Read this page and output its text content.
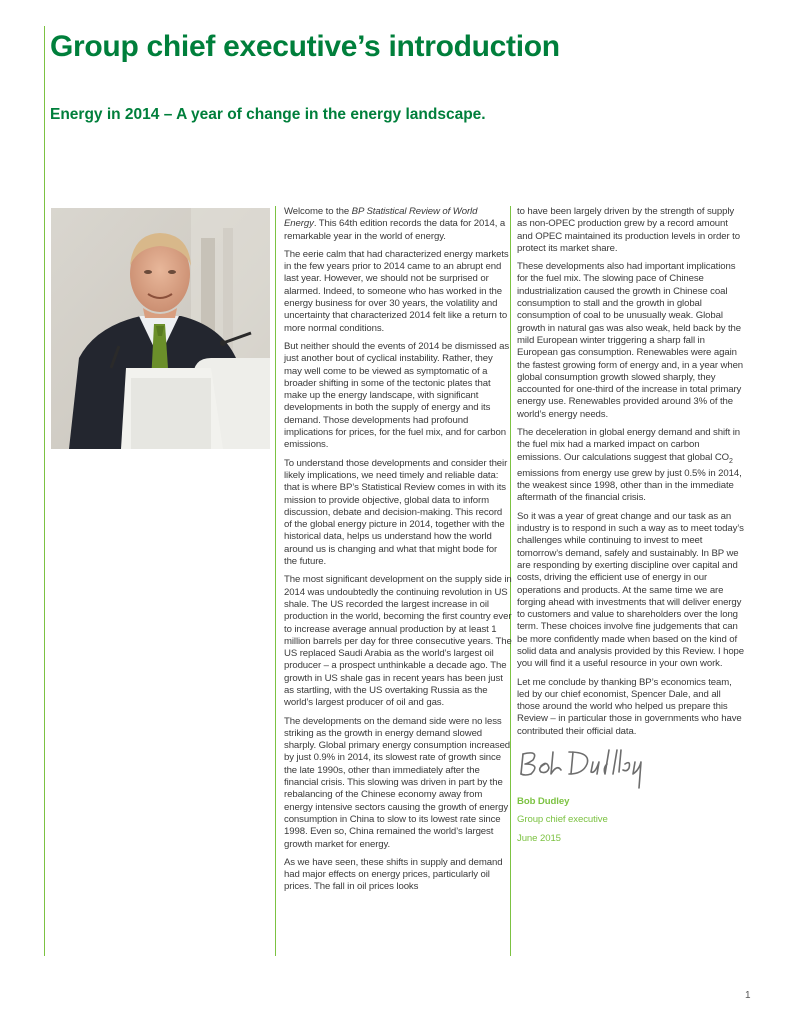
Group chief executive’s introduction
Energy in 2014 – A year of change in the energy landscape.

Welcome to the BP Statistical Review of World Energy. This 64th edition records the data for 2014, a remarkable year in the world of energy.

The eerie calm that had characterized energy markets in the few years prior to 2014 came to an abrupt end last year. However, we should not be surprised or alarmed. Indeed, to someone who has worked in the energy business for over 30 years, the volatility and uncertainty that characterized 2014 felt like a return to more normal conditions.

But neither should the events of 2014 be dismissed as just another bout of cyclical instability. Rather, they may well come to be viewed as symptomatic of a broader shifting in some of the tectonic plates that make up the energy landscape, with significant developments in both the supply of energy and its demand. Those developments had profound implications for prices, for the fuel mix, and for carbon emissions.

To understand those developments and consider their likely implications, we need timely and reliable data: that is where BP’s Statistical Review comes in with its mission to provide objective, global data to inform discussion, debate and decision-making. This record of the global energy picture in 2014, together with the historical data, helps us understand how the world around us is changing and what that might bode for the future.

The most significant development on the supply side in 2014 was undoubtedly the continuing revolution in US shale. The US recorded the largest increase in oil production in the world, becoming the first country ever to increase average annual production by at least 1 million barrels per day for three consecutive years. The US replaced Saudi Arabia as the world’s largest oil producer – a prospect unthinkable a decade ago. The growth in US shale gas in recent years has been just as startling, with the US overtaking Russia as the world’s largest producer of oil and gas.

The developments on the demand side were no less striking as the growth in energy demand slowed sharply. Global primary energy consumption increased by just 0.9% in 2014, its slowest rate of growth since the late 1990s, other than immediately after the financial crisis. This slowing was driven in part by the rebalancing of the Chinese economy away from energy intensive sectors causing the growth of energy consumption in China to slow to its lowest rate since 1998. Even so, China remained the world’s largest growth market for energy.

As we have seen, these shifts in supply and demand had major effects on energy prices, particularly oil prices. The fall in oil prices looks

to have been largely driven by the strength of supply as non-OPEC production grew by a record amount and OPEC maintained its production levels in order to protect its market share.

These developments also had important implications for the fuel mix. The slowing pace of Chinese industrialization caused the growth in Chinese coal consumption to stall and the growth in global consumption of coal to be unusually weak. Global growth in natural gas was also weak, held back by the mild European winter triggering a sharp fall in European gas consumption. Renewables were again the fastest growing form of energy and, in a year when global consumption growth slowed sharply, they accounted for one-third of the increase in total primary energy use. Renewables provided around 3% of the world’s energy needs.

The deceleration in global energy demand and shift in the fuel mix had a marked impact on carbon emissions. Our calculations suggest that global $CO_2$ emissions from energy use grew by just 0.5% in 2014, the weakest since 1998, other than in the immediate aftermath of the financial crisis.

So it was a year of great change and our task as an industry is to respond in such a way as to meet today’s challenges while continuing to invest to meet tomorrow’s demand, safely and sustainably. In BP we are responding by exerting discipline over capital and costs, driving the efficient use of energy in our operations and products. At the same time we are forging ahead with investments that will deliver energy to customers and value to shareholders over the long term. These choices involve fine judgements that can be more confidently made when based on the kind of solid data and analysis provided by this Review. I hope you will find it a useful resource in your own work.

Let me conclude by thanking BP’s economics team, led by our chief economist, Spencer Dale, and all those around the world who helped us prepare this Review – in particular those in governments who have contributed their official data.

Bob Dudley

Group chief executive

June 2015

1
